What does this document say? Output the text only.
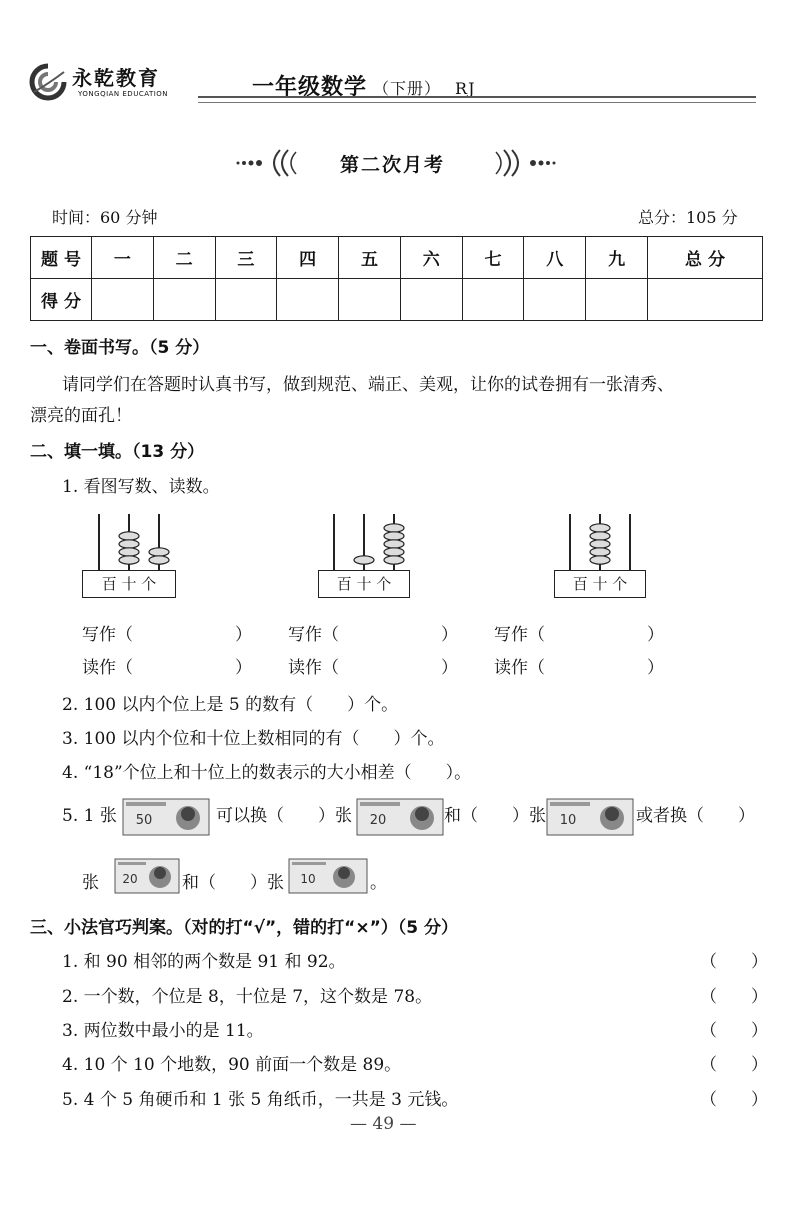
永乾教育
YONGQIAN EDUCATION	一年级数学 （下册） RJ
第二次月考
时间：60 分钟	总分：105 分
题 号	一	二	三	四	五	六	七	八	九	总 分
得 分										
一、卷面书写。（5 分）
请同学们在答题时认真书写，做到规范、端正、美观，让你的试卷拥有一张清秀、
漂亮的面孔！
二、填一填。（13 分）
1. 看图写数、读数。
百 十 个	百 十 个	百 十 个
写作（　　　　　　） 写作（　　　　　　） 写作（　　　　　　）
读作（　　　　　　） 读作（　　　　　　） 读作（　　　　　　）
2. 100 以内个位上是 5 的数有（　　）个。
3. 100 以内个位和十位上数相同的有（　　）个。
4. “18”个位上和十位上的数表示的大小相差（　　）。
5. 1 张 50	可以换（　　）张 20	和（　　）张 10	或者换（　　）
张 20	和（　　）张 10	。
三、小法官巧判案。（对的打“√”，错的打“×”）（5 分）
1. 和 90 相邻的两个数是 91 和 92。	（　　）
2. 一个数，个位是 8，十位是 7，这个数是 78。	（　　）
3. 两位数中最小的是 11。	（　　）
4. 10 个 10 个地数，90 前面一个数是 89。	（　　）
5. 4 个 5 角硬币和 1 张 5 角纸币，一共是 3 元钱。	（　　）
— 49 —
